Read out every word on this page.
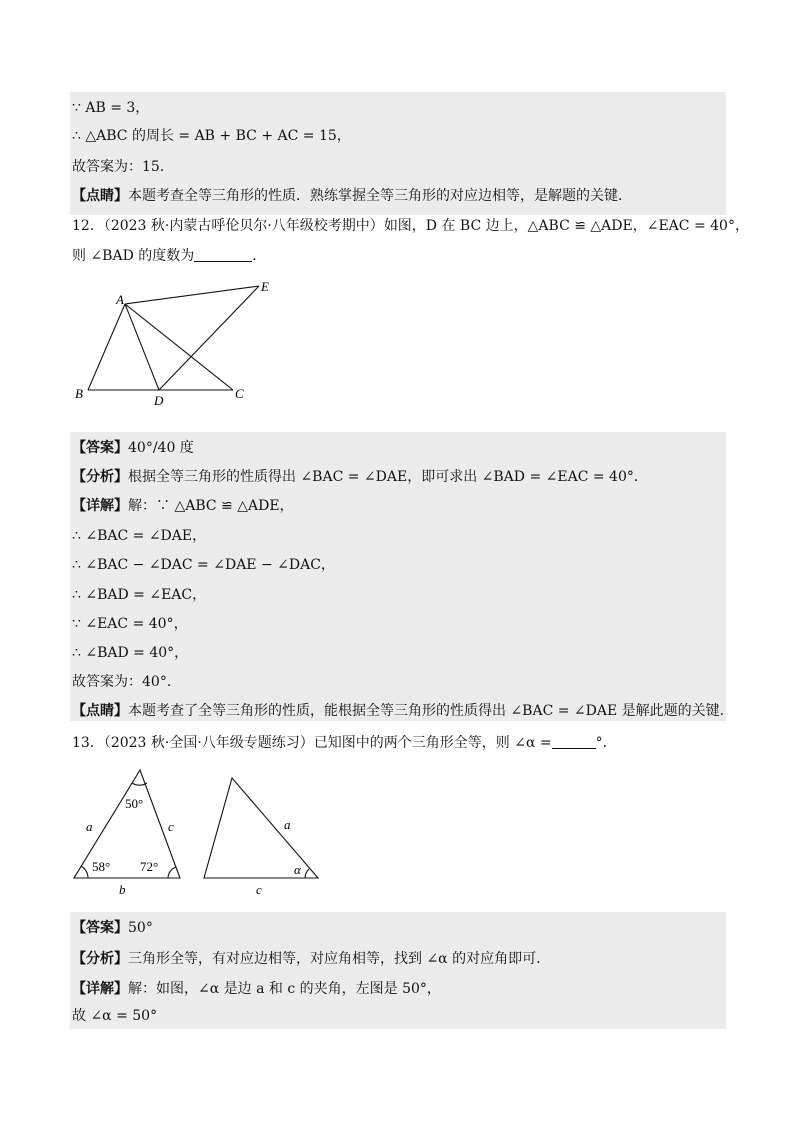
∵ AB = 3，
∴ △ABC 的周长 = AB + BC + AC = 15，
故答案为：15．
【点睛】本题考查全等三角形的性质．熟练掌握全等三角形的对应边相等，是解题的关键．
12．（2023 秋·内蒙古呼伦贝尔·八年级校考期中）如图，D 在 BC 边上，△ABC ≌ △ADE，∠EAC = 40°，
则 ∠BAD 的度数为	．
A
B	C
D
E
【答案】40°/40 度
【分析】根据全等三角形的性质得出 ∠BAC = ∠DAE，即可求出 ∠BAD = ∠EAC = 40°．
【详解】解：∵ △ABC ≌ △ADE，
∴ ∠BAC = ∠DAE，
∴ ∠BAC − ∠DAC = ∠DAE − ∠DAC，
∴ ∠BAD = ∠EAC，
∵ ∠EAC = 40°，
∴ ∠BAD = 40°，
故答案为：40°．
【点睛】本题考查了全等三角形的性质，能根据全等三角形的性质得出 ∠BAC = ∠DAE 是解此题的关键．
13．（2023 秋·全国·八年级专题练习）已知图中的两个三角形全等，则 ∠α =	°．
50°
58° 72°
a	c
b
a
c
α
【答案】50°
【分析】三角形全等，有对应边相等，对应角相等，找到 ∠α 的对应角即可．
【详解】解：如图，∠α 是边 a 和 c 的夹角，左图是 50°，
故 ∠α = 50°
